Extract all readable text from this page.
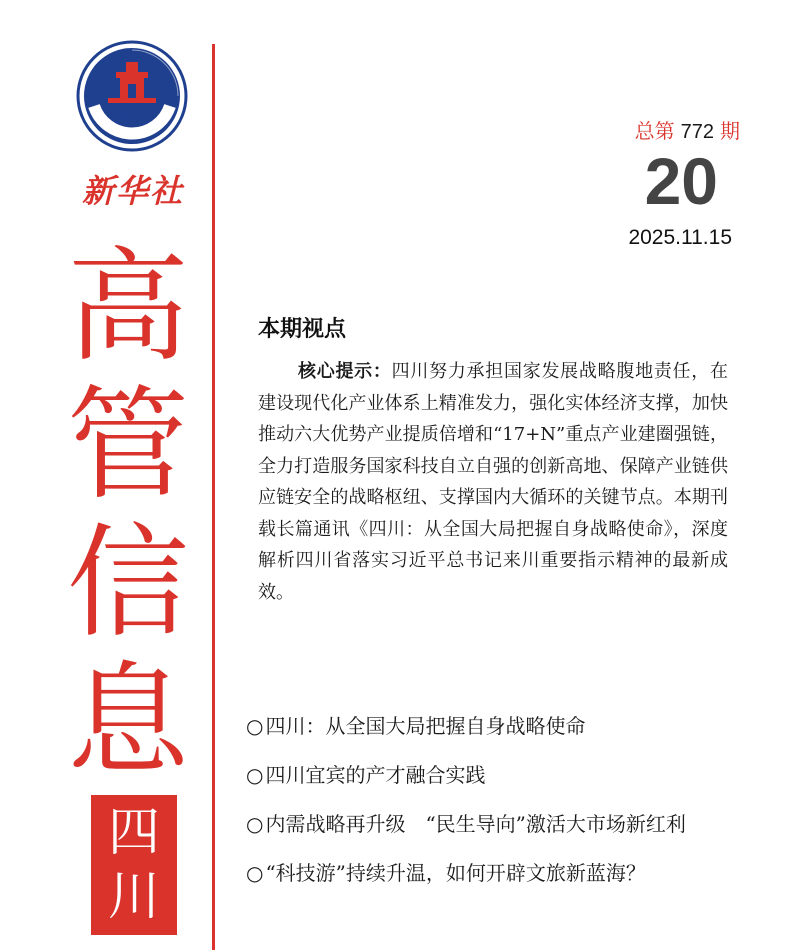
XINHUA
新华社
高
管
信
息
四
川
总第 772 期
20
2025.11.15
本期视点
核心提示：四川努力承担国家发展战略腹地责任，在建设现代化产业体系上精准发力，强化实体经济支撑，加快推动六大优势产业提质倍增和“17+N”重点产业建圈强链，全力打造服务国家科技自立自强的创新高地、保障产业链供应链安全的战略枢纽、支撑国内大循环的关键节点。本期刊载长篇通讯《四川：从全国大局把握自身战略使命》，深度解析四川省落实习近平总书记来川重要指示精神的最新成效。
○ 四川：从全国大局把握自身战略使命
○ 四川宜宾的产才融合实践
○ 内需战略再升级　“民生导向”激活大市场新红利
○ “科技游”持续升温，如何开辟文旅新蓝海？
